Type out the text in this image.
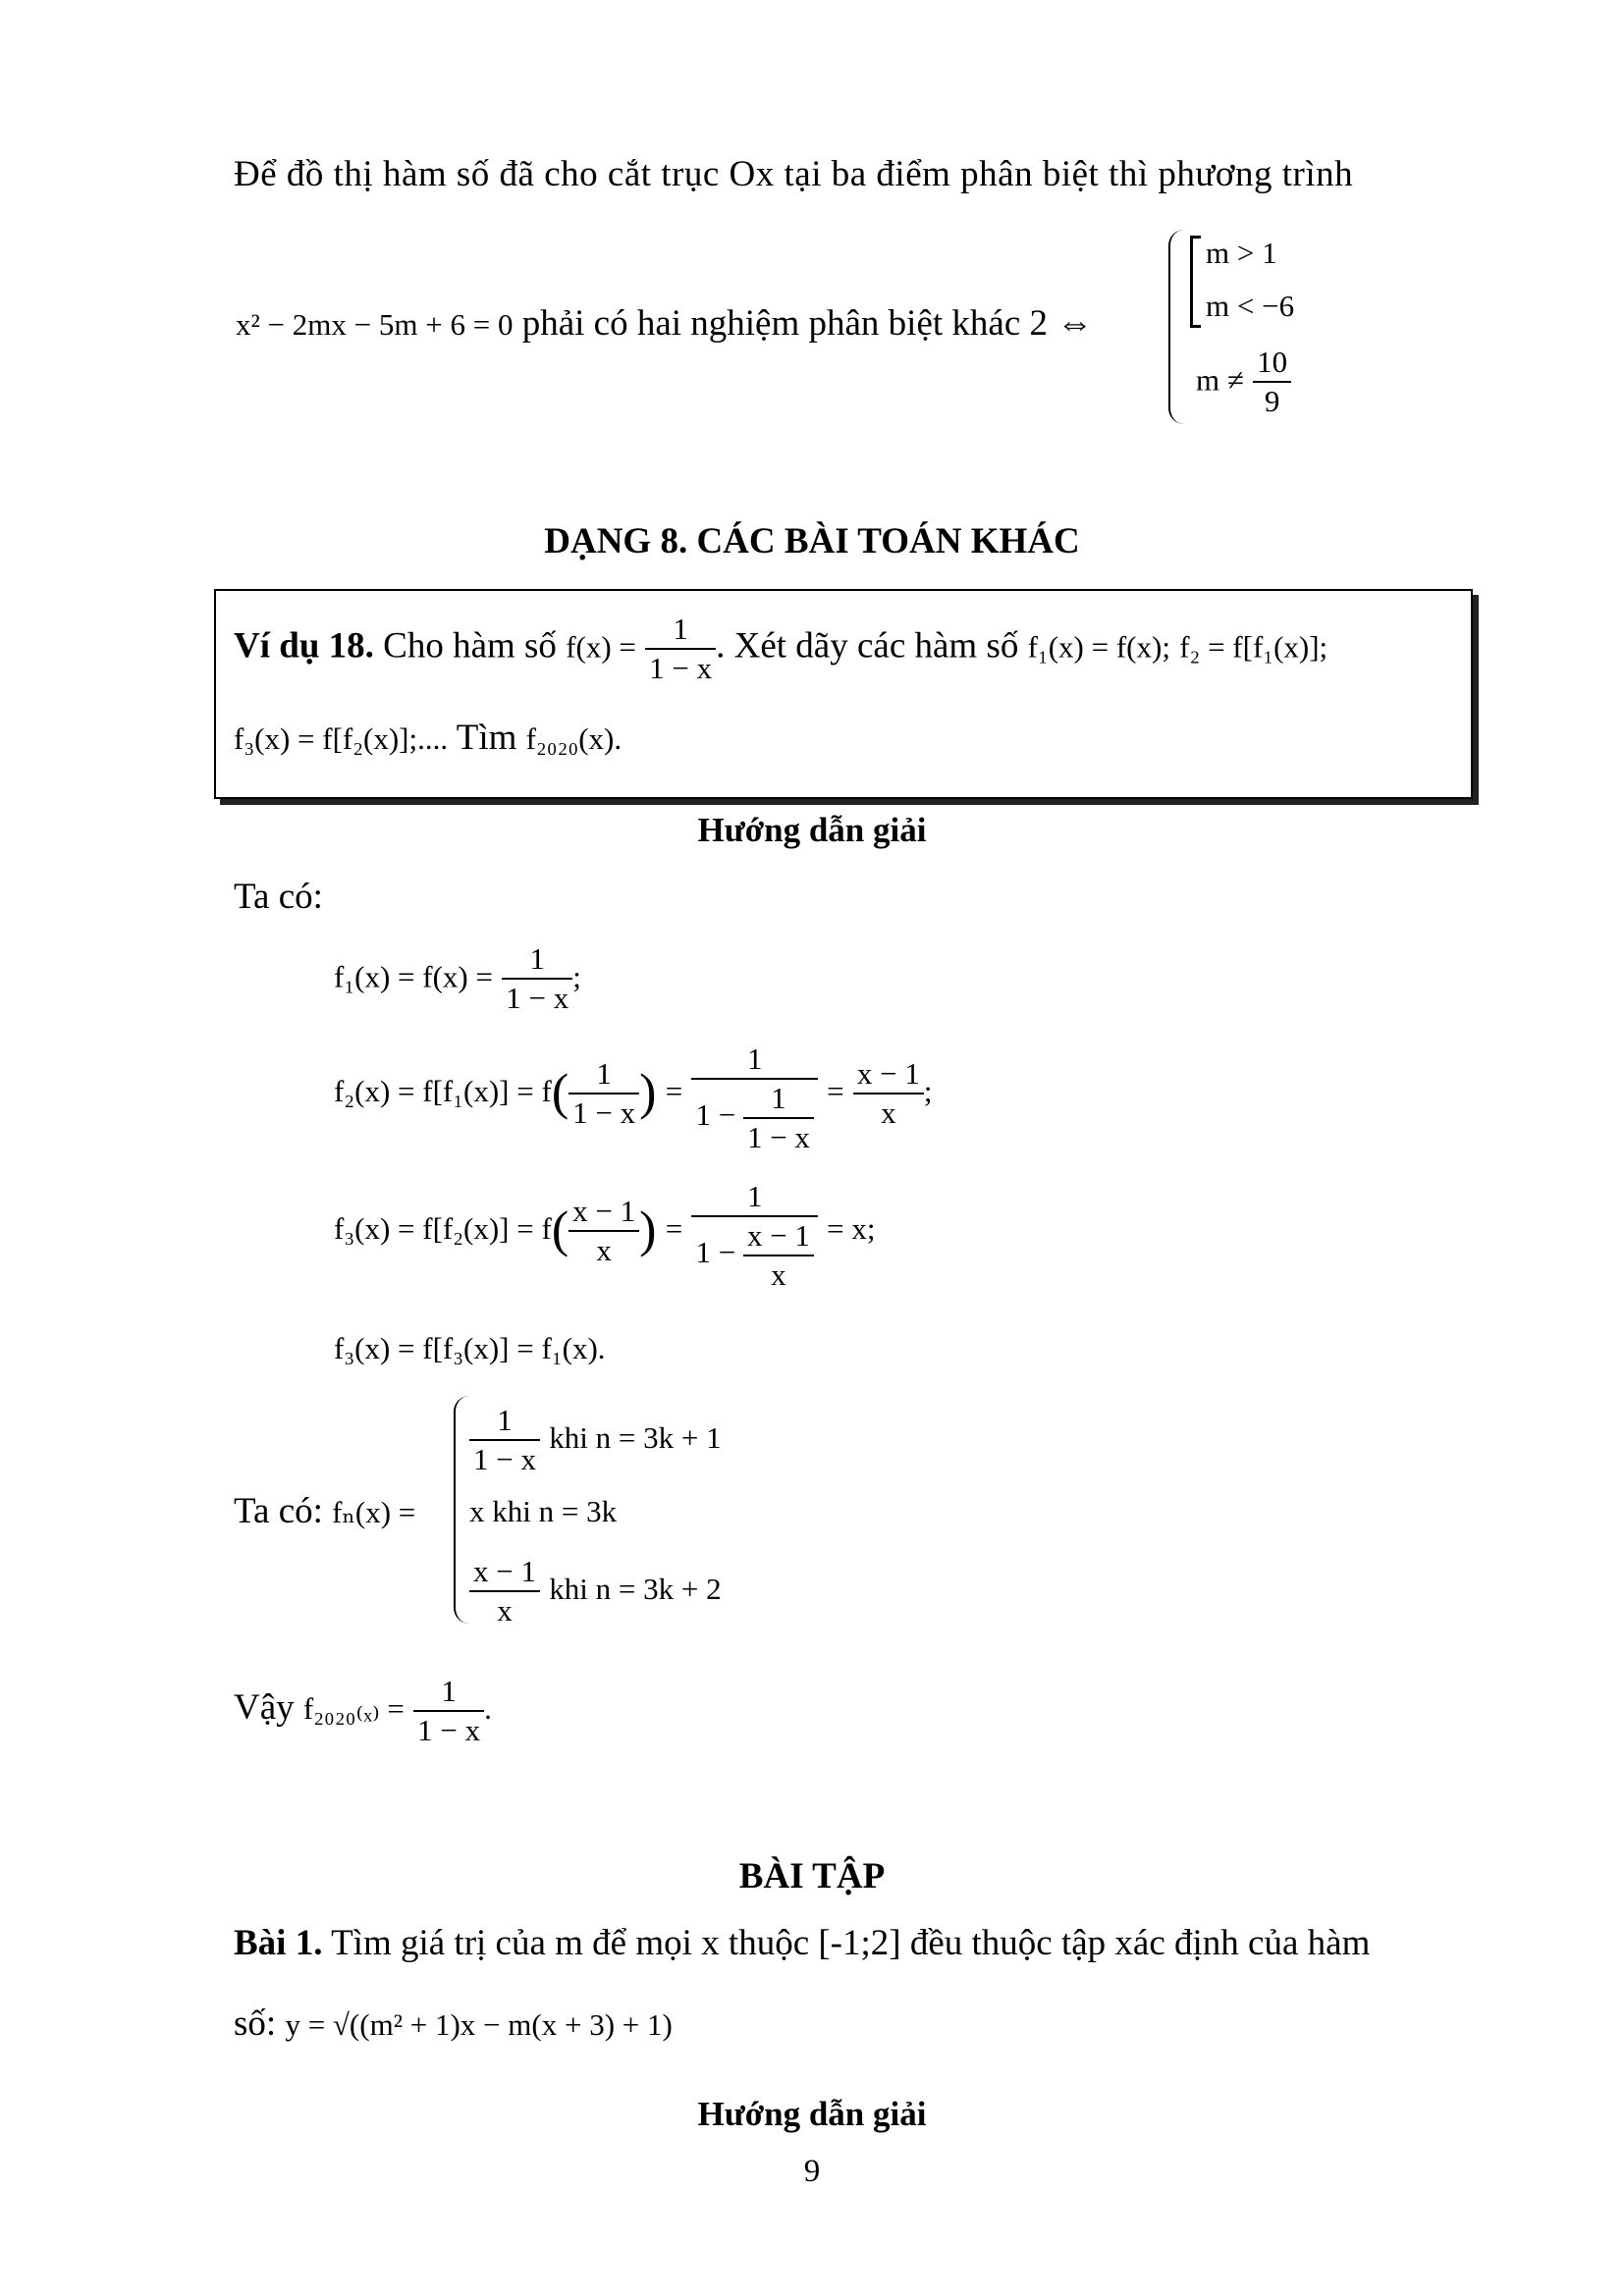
Để đồ thị hàm số đã cho cắt trục Ox tại ba điểm phân biệt thì phương trình
x² − 2mx − 5m + 6 = 0 phải có hai nghiệm phân biệt khác 2 ⇔
m > 1
m < −6
$m \ne \frac{10}{9}$
DẠNG 8. CÁC BÀI TOÁN KHÁC
Ví dụ 18. Cho hàm số $f(x) = \frac{1}{1 - x}$ . Xét dãy các hàm số f₁(x) = f(x); f₂ = f[f₁(x)];
f₃(x) = f[f₂(x)];.... Tìm f₂₀₂₀(x).
Hướng dẫn giải
Ta có:
$f_1(x) = f(x) = \frac{1}{1 - x}$ ;
$f_2(x) = f[f_1(x)] = f( \frac{1}{1 - x}$ ) = $\frac{1}{1 - \frac{1}{1 - x}} = \frac{x - 1}{x}$ ;
$f_3(x) = f[f_2(x)] = f( \frac{x - 1}{x}$ ) = $\frac{1}{1 - \frac{x - 1}{x}} = x$;
f₃(x) = f[f₃(x)] = f₁(x).
Ta có: fₙ(x) =
$\frac{1}{1 - x}$ khi n = 3k + 1
x khi n = 3k
$\frac{x - 1}{x}$ khi n = 3k + 2
Vậy $f_{2020(x)} = \frac{1}{1 - x}$ .
BÀI TẬP
Bài 1. Tìm giá trị của m để mọi x thuộc [-1;2] đều thuộc tập xác định của hàm
số: y = √((m² + 1)x − m(x + 3) + 1)
Hướng dẫn giải
9
